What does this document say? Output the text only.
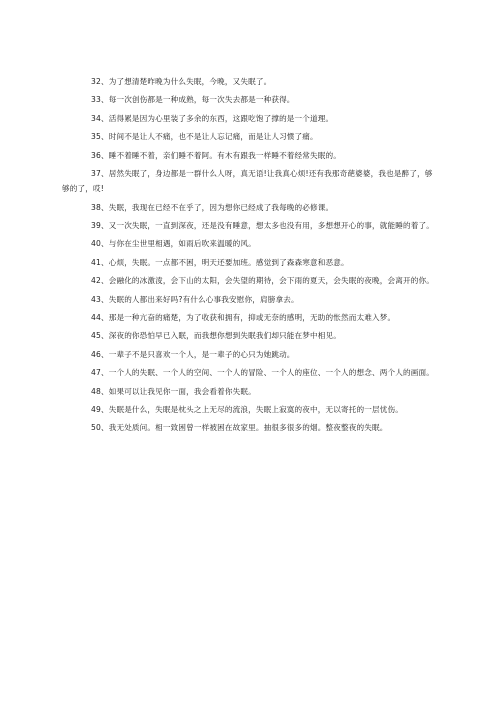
32、为了想清楚昨晚为什么失眠，今晚，又失眠了。

33、每一次创伤都是一种成熟，每一次失去都是一种获得。

34、活得累是因为心里装了多余的东西，这跟吃饱了撑的是一个道理。

35、时间不是让人不痛，也不是让人忘记痛，而是让人习惯了痛。

36、睡不着睡不着，亲们睡不着阿。有木有跟我一样睡不着经常失眠的。

37、居然失眠了，身边都是一群什么人呀，真无语!让我真心烦!还有我那奇葩婆婆，我也是醉了，够够的了，哎!

38、失眠，我现在已经不在乎了，因为想你已经成了我每晚的必修课。

39、又一次失眠，一直到深夜，还是没有睡意，想太多也没有用，多想想开心的事，就能睡的着了。

40、与你在尘世里相遇，如雨后吹来温暖的风。

41、心烦，失眠。一点都不困，明天还要加班。感觉到了森森寒意和恶意。

42、会融化的冰激淩，会下山的太阳，会失望的期待，会下雨的夏天，会失眠的夜晚，会离开的你。

43、失眠的人都出来好吗?有什么心事我安慰你，肩膀拿去。

44、那是一种亢奋的痛楚，为了收获和拥有，抑或无奈的感明，无助的怅然而太难入梦。

45、深夜的你恐怕早已入眠，而我想你想到失眠我们却只能在梦中相见。

46、一辈子不是只喜欢一个人，是一辈子的心只为她跳动。

47、一个人的失眠、一个人的空间、一个人的冒险、一个人的座位、一个人的想念、两个人的画面。

48、如果可以让我见你一面，我会看着你失眠。

49、失眠是什么，失眠是枕头之上无尽的流浪，失眠上寂寞的夜中，无以寄托的一层忧伤。

50、我无处质问。相一致困曾一样被困在故家里。抽很多很多的烟。整夜整夜的失眠。
